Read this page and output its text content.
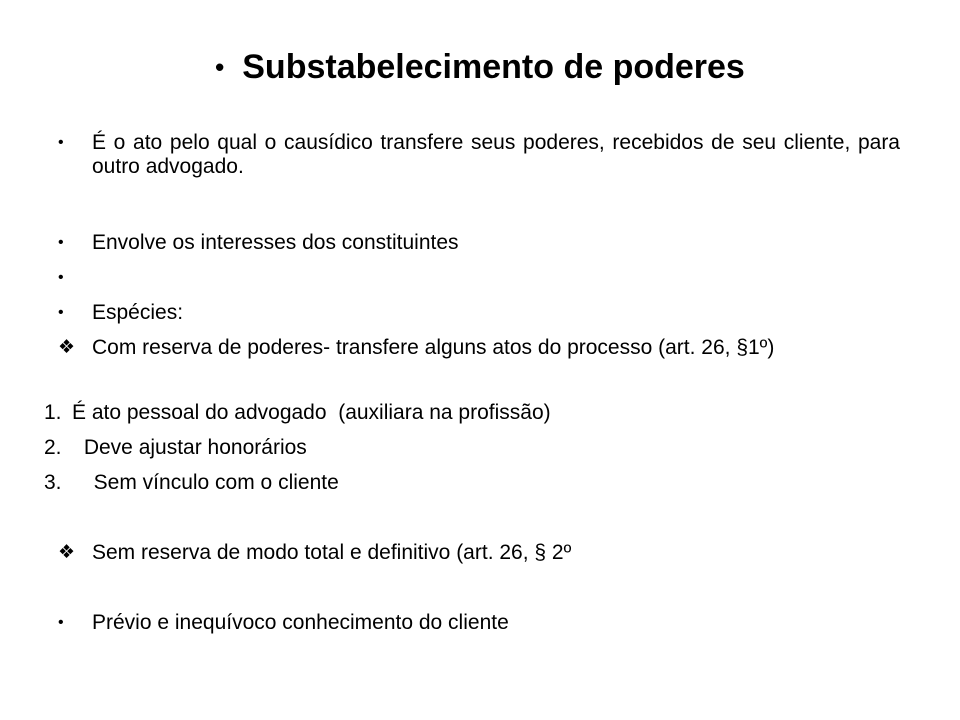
• Substabelecimento de poderes
•	É o ato pelo qual o causídico transfere seus poderes, recebidos de seu cliente, para outro advogado.
•	Envolve os interesses dos constituintes
•
•	Espécies:
❖ Com reserva de poderes- transfere alguns atos do processo (art. 26, §1º)
1. É ato pessoal do advogado  (auxiliara na profissão)
2. Deve ajustar honorários
3. Sem vínculo com o cliente
❖ Sem reserva de modo total e definitivo (art. 26, § 2º
•	Prévio e inequívoco conhecimento do cliente
